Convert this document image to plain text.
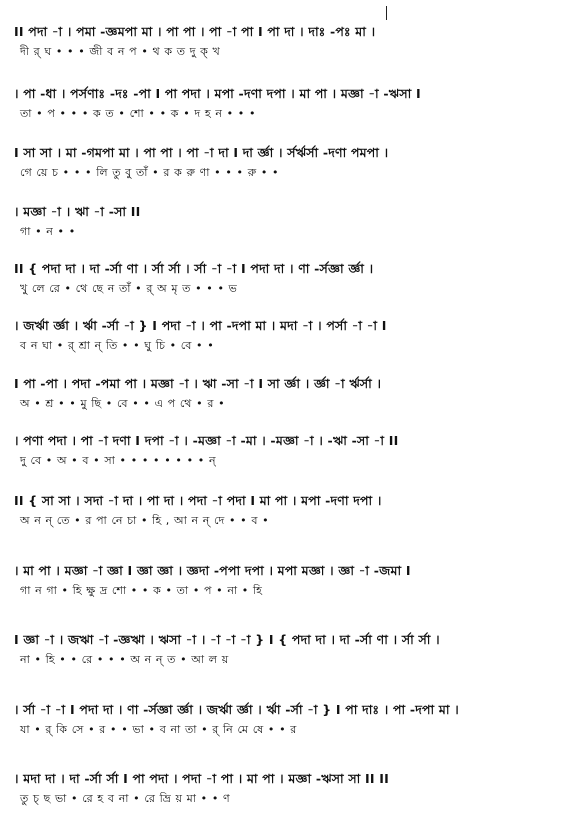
II পদা -া । পমা -জ্ঞমপা মা । পা পা । পা -া পা I পা দা । দাঃ -পঃ মা ।
দী র্ ঘ • • • জী ব ন প • থ ক ত দু ক্ খ
। পা -ধা । পর্সণাঃ -দঃ -পা I পা পদা । মপা -দণা দপা । মা পা । মজ্ঞা -া -ঋসা I
তা • প • • • ক ত • শো • • ক • দ হ ন • • •
I সা সা । মা -গমপা মা । পা পা । পা -া দা I দা র্জ্ঞা । র্সর্ঋর্সা -দণা পমপা ।
গে য়ে চ • • • লি তু বু তাঁ • র ক রু ণা • • • রু • •
। মজ্ঞা -া । ঋা -া -সা II
গা • ন • •
II { পদা দা । দা -র্সা ণা । র্সা র্সা । র্সা -া -া I পদা দা । ণা -র্সজ্ঞা র্জ্ঞা ।
খু লে রে • থে ছে ন তাঁ • র্ অ মৃ ত • • • ভ
। জর্ঋা র্জ্ঞা । র্ঋা -র্সা -া } I পদা -া । পা -দপা মা । মদা -া । পর্সা -া -া I
ব ন ঘা • র্ শ্রা ন্ তি • • ঘু চি • বে • •
I পা -পা । পদা -পমা পা । মজ্ঞা -া । ঋা -সা -া I সা র্জ্ঞা । র্জ্ঞা -া র্ঋর্সা ।
অ • শ্র • • মু ছি • বে • • এ প থে • র •
। পণা পদা । পা -া দণা I দপা -া । -মজ্ঞা -া -মা । -মজ্ঞা -া । -ঋা -সা -া II
দু বে • অ • ব • সা • • • • • • • • ন্
II { সা সা । সদা -া দা । পা দা । পদা -া পদা I মা পা । মপা -দণা দপা ।
অ ন ন্ তে • র পা নে চা • হি , আ ন ন্ দে • • ব •
। মা পা । মজ্ঞা -া জ্ঞা I জ্ঞা জ্ঞা । জ্ঞদা -পপা দপা । মপা মজ্ঞা । জ্ঞা -া -জমা I
গা ন গা • হি ক্ষু দ্র শো • • ক • তা • প • না • হি
I জ্ঞা -া । জঋা -া -জ্ঞঋা । ঋসা -া । -া -া -া } I { পদা দা । দা -র্সা ণা । র্সা র্সা ।
না • হি • • রে • • • অ ন ন্ ত • আ ল য়
। র্সা -া -া I পদা দা । ণা -র্সজ্ঞা র্জ্ঞা । জর্ঋা র্জ্ঞা । র্ঋা -র্সা -া } I পা দাঃ । পা -দপা মা ।
যা • র্ কি সে • র • • ভা • ব না তা • র্ নি মে ষে • • র
। মদা দা । দা -র্সা র্সা I পা পদা । পদা -া পা । মা পা । মজ্ঞা -ঋসা সা II II
তু চ্ ছ ভা • রে হ ব না • রে ভ্রি য় মা • • ণ
